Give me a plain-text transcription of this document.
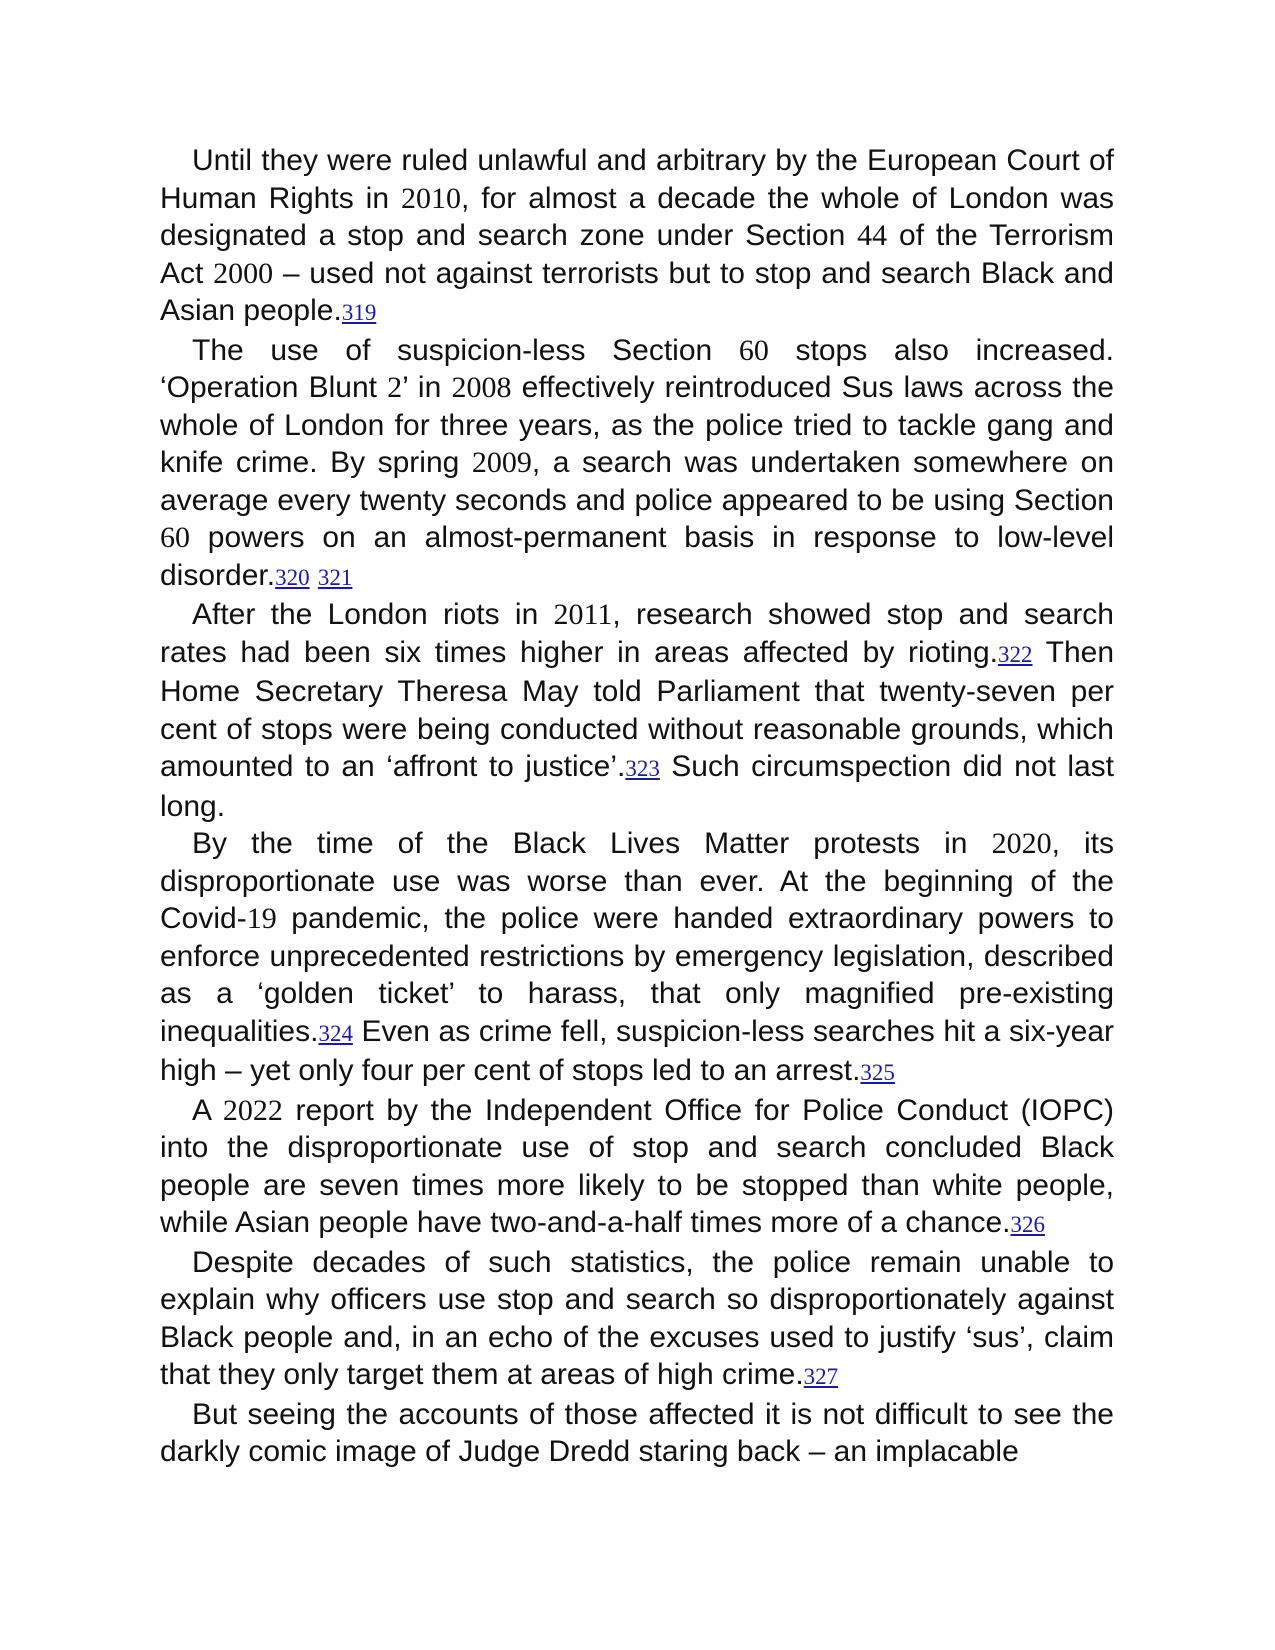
Until they were ruled unlawful and arbitrary by the European Court of Human Rights in 2010, for almost a decade the whole of London was designated a stop and search zone under Section 44 of the Terrorism Act 2000 – used not against terrorists but to stop and search Black and Asian people.319

The use of suspicion-less Section 60 stops also increased. ‘Operation Blunt 2’ in 2008 effectively reintroduced Sus laws across the whole of London for three years, as the police tried to tackle gang and knife crime. By spring 2009, a search was undertaken somewhere on average every twenty seconds and police appeared to be using Section 60 powers on an almost-permanent basis in response to low-level disorder.320 321

After the London riots in 2011, research showed stop and search rates had been six times higher in areas affected by rioting.322 Then Home Secretary Theresa May told Parliament that twenty-seven per cent of stops were being conducted without reasonable grounds, which amounted to an ‘affront to justice’.323 Such circumspection did not last long.

By the time of the Black Lives Matter protests in 2020, its disproportionate use was worse than ever. At the beginning of the Covid-19 pandemic, the police were handed extraordinary powers to enforce unprecedented restrictions by emergency legislation, described as a ‘golden ticket’ to harass, that only magnified pre-existing inequalities.324 Even as crime fell, suspicion-less searches hit a six-year high – yet only four per cent of stops led to an arrest.325

A 2022 report by the Independent Office for Police Conduct (IOPC) into the disproportionate use of stop and search concluded Black people are seven times more likely to be stopped than white people, while Asian people have two-and-a-half times more of a chance.326

Despite decades of such statistics, the police remain unable to explain why officers use stop and search so disproportionately against Black people and, in an echo of the excuses used to justify ‘sus’, claim that they only target them at areas of high crime.327

But seeing the accounts of those affected it is not difficult to see the darkly comic image of Judge Dredd staring back – an implacable
